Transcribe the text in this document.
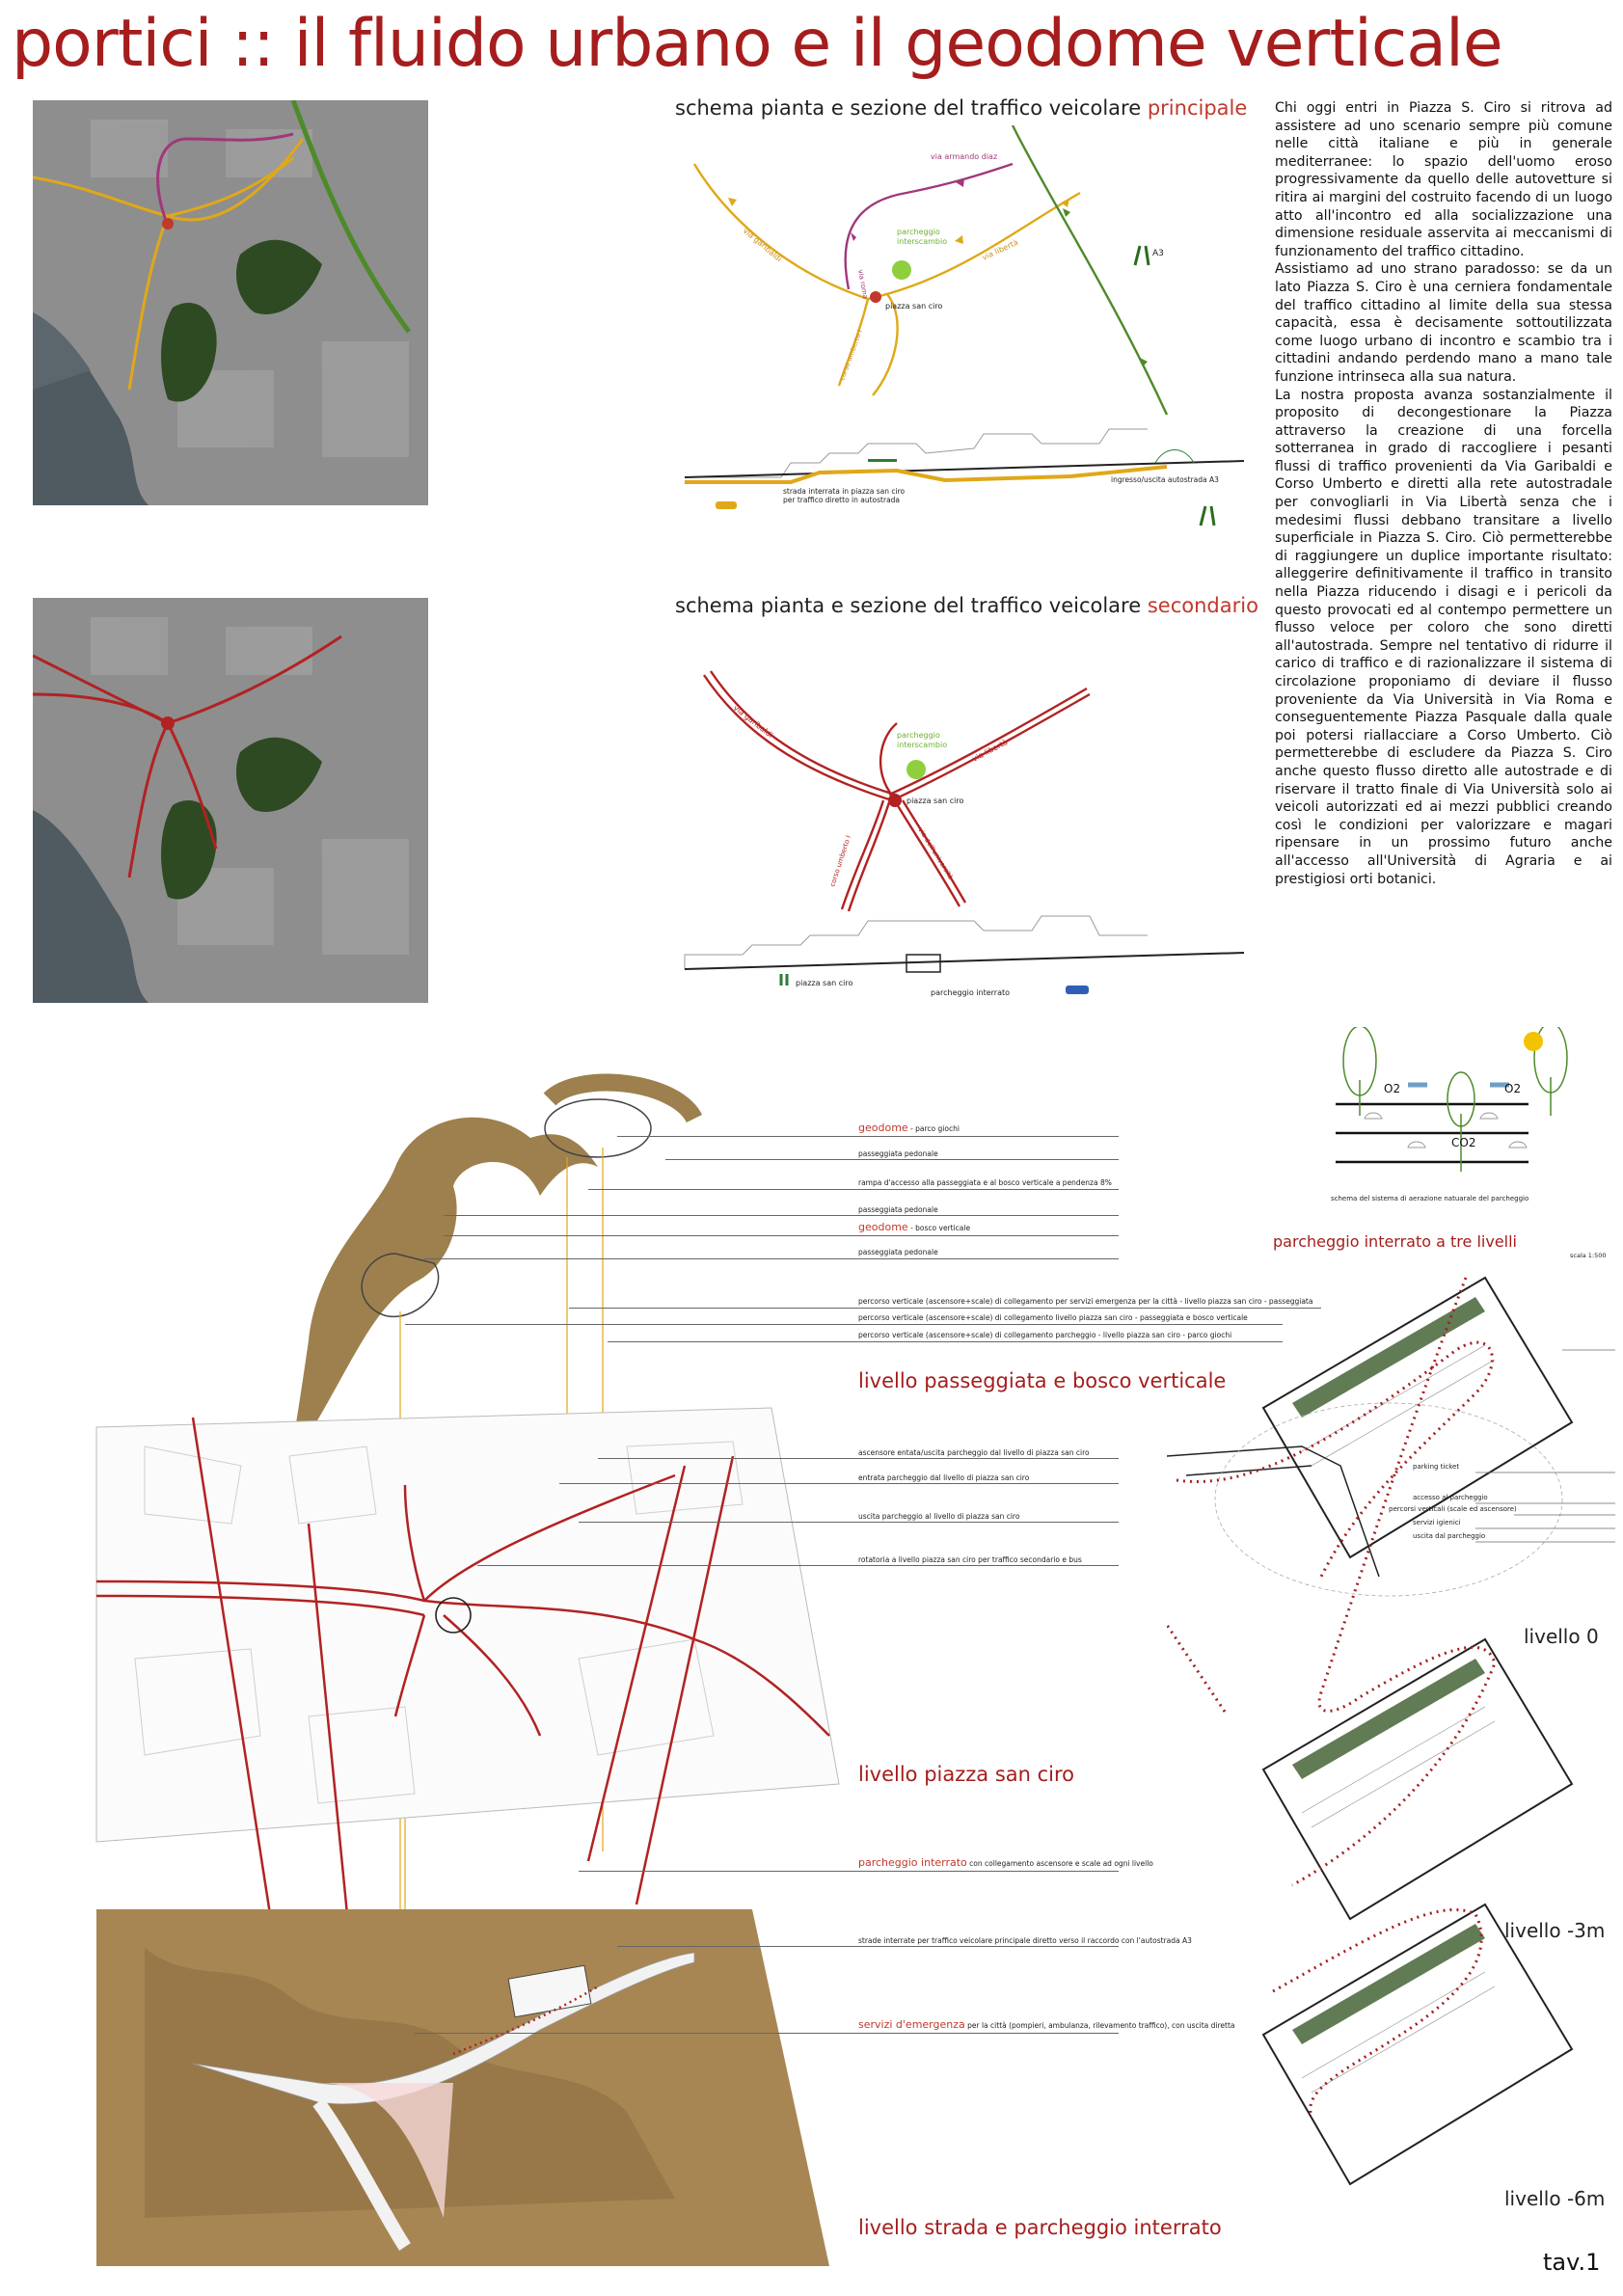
portici :: il fluido urbano e il geodome verticale
schema pianta e sezione del traffico veicolare principale
via armando diaz
via garibaldi	parcheggio
interscambio	via libertà	A3
via roma
piazza san ciro
corso umberto I
strada interrata in piazza san ciro
per traffico diretto in autostrada
ingresso/uscita autostrada A3
schema pianta e sezione del traffico veicolare secondario
via garibaldi	parcheggio
interscambio	via libertà
piazza san ciro
corso umberto I	via dell'università
piazza san ciro
parcheggio interrato

Chi oggi entri in Piazza S. Ciro si ritrova ad assistere ad uno scenario sempre più comune nelle città italiane e più in generale mediterranee: lo spazio dell'uomo eroso progressivamente da quello delle autovetture si ritira ai margini del costruito facendo di un luogo atto all'incontro ed alla socializzazione una dimensione residuale asservita ai meccanismi di funzionamento del traffico cittadino.

Assistiamo ad uno strano paradosso: se da un lato Piazza S. Ciro è una cerniera fondamentale del traffico cittadino al limite della sua stessa capacità, essa è decisamente sottoutilizzata come luogo urbano di incontro e scambio tra i cittadini andando perdendo mano a mano tale funzione intrinseca alla sua natura.

La nostra proposta avanza sostanzialmente il proposito di decongestionare la Piazza attraverso la creazione di una forcella sotterranea in grado di raccogliere i pesanti flussi di traffico provenienti da Via Garibaldi e Corso Umberto e diretti alla rete autostradale per convogliarli in Via Libertà senza che i medesimi flussi debbano transitare a livello superficiale in Piazza S. Ciro. Ciò permetterebbe di raggiungere un duplice importante risultato: alleggerire definitivamente il traffico in transito nella Piazza riducendo i disagi e i pericoli da questo provocati ed al contempo permettere un flusso veloce per coloro che sono diretti all'autostrada. Sempre nel tentativo di ridurre il carico di traffico e di razionalizzare il sistema di circolazione proponiamo di deviare il flusso proveniente da Via Università in Via Roma e conseguentemente Piazza Pasquale dalla quale poi potersi riallacciare a Corso Umberto. Ciò permetterebbe di escludere da Piazza S. Ciro anche questo flusso diretto alle autostrade e di riservare il tratto finale di Via Università solo ai veicoli autorizzati ed ai mezzi pubblici creando così le condizioni per valorizzare e magari ripensare in un prossimo futuro anche all'accesso all'Università di Agraria e ai prestigiosi orti botanici.

O2	O2
CO2
schema del sistema di aerazione natuarale del parcheggio
parcheggio interrato a tre livelli
scala 1:500
parking ticket
accesso al parcheggio
percorsi verticali (scale ed ascensore)
servizi igienici
uscita dal parcheggio
livello 0
livello -3m
livello -6m
geodome - parco giochi
passeggiata pedonale
rampa d'accesso alla passeggiata e al bosco verticale a pendenza 8%
passeggiata pedonale
geodome - bosco verticale
passeggiata pedonale
percorso verticale (ascensore+scale) di collegamento per servizi emergenza per la città - livello piazza san ciro - passeggiata
percorso verticale (ascensore+scale) di collegamento livello piazza san ciro - passeggiata e bosco verticale
percorso verticale (ascensore+scale) di collegamento parcheggio - livello piazza san ciro - parco giochi
livello passeggiata e bosco verticale
ascensore entata/uscita parcheggio dal livello di piazza san ciro
entrata parcheggio dal livello di piazza san ciro
uscita parcheggio al livello di piazza san ciro
rotatoria a livello piazza san ciro per traffico secondario e bus
livello piazza san ciro
parcheggio interrato con collegamento ascensore e scale ad ogni livello
strade interrate per traffico veicolare principale diretto verso il raccordo con l'autostrada A3
servizi d'emergenza per la città (pompieri, ambulanza, rilevamento traffico), con uscita diretta
livello strada e parcheggio interrato
tav.1
